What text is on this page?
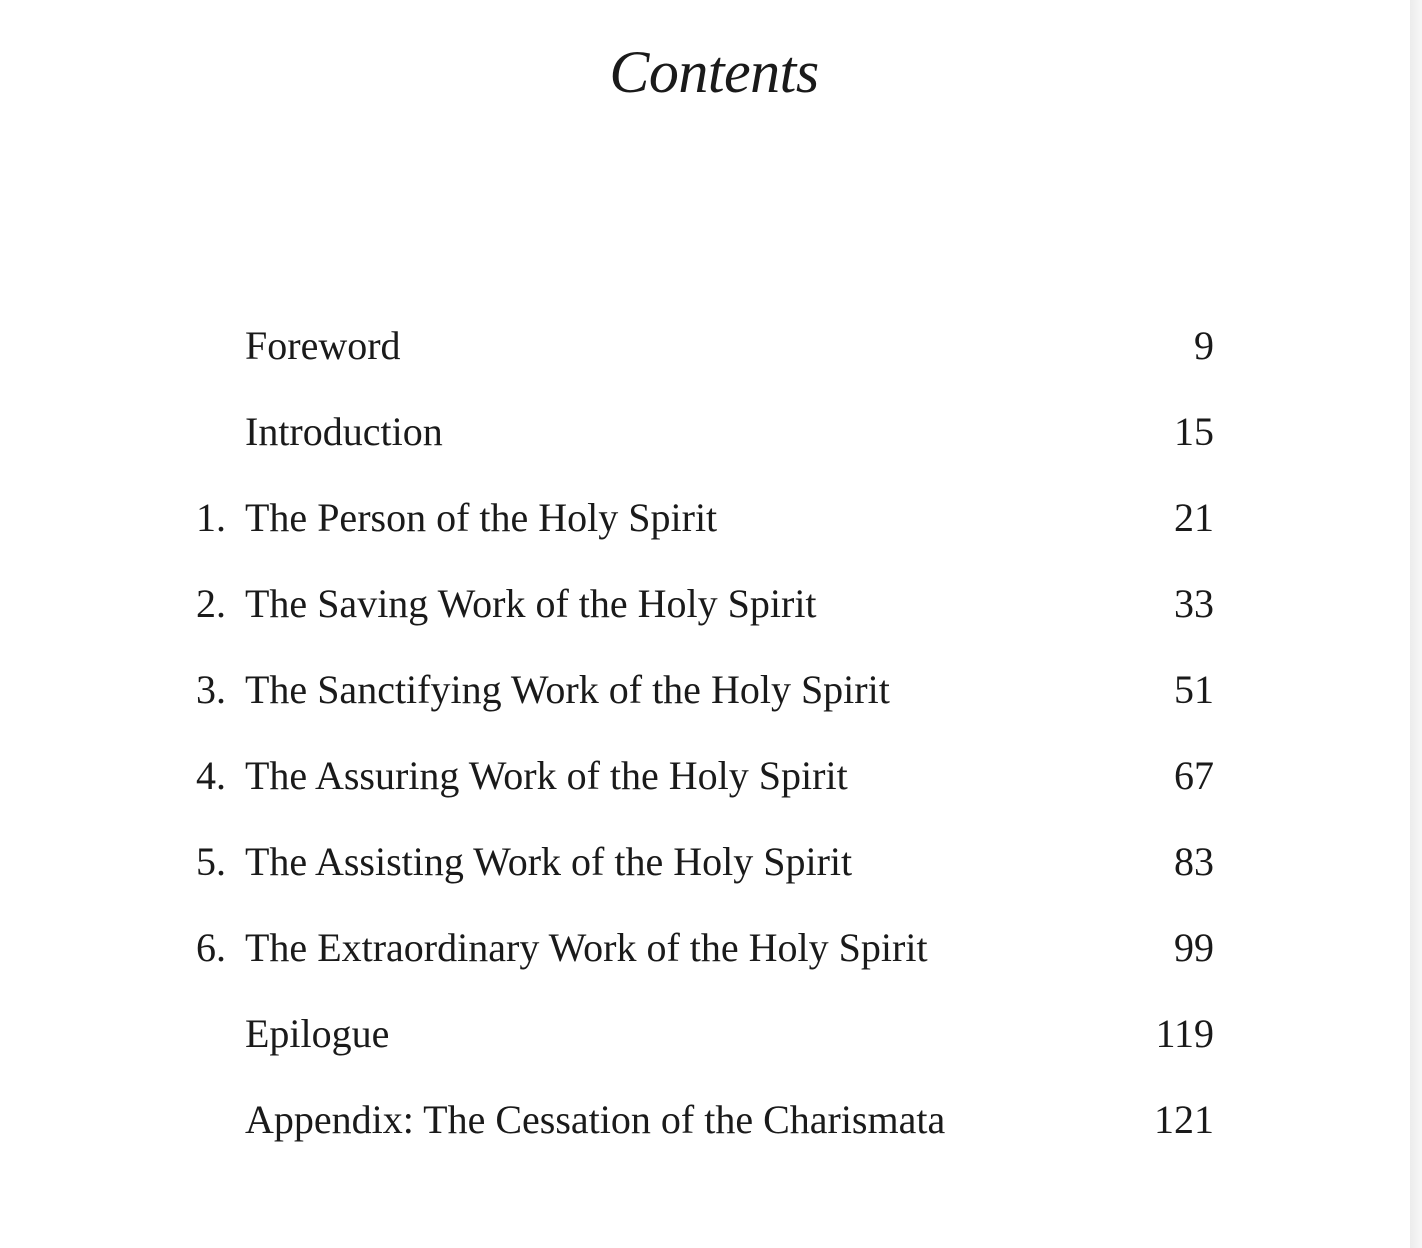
Contents
Foreword	9
Introduction	15
1. The Person of the Holy Spirit	21
2. The Saving Work of the Holy Spirit	33
3. The Sanctifying Work of the Holy Spirit	51
4. The Assuring Work of the Holy Spirit	67
5. The Assisting Work of the Holy Spirit	83
6. The Extraordinary Work of the Holy Spirit	99
Epilogue	119
Appendix: The Cessation of the Charismata	121
